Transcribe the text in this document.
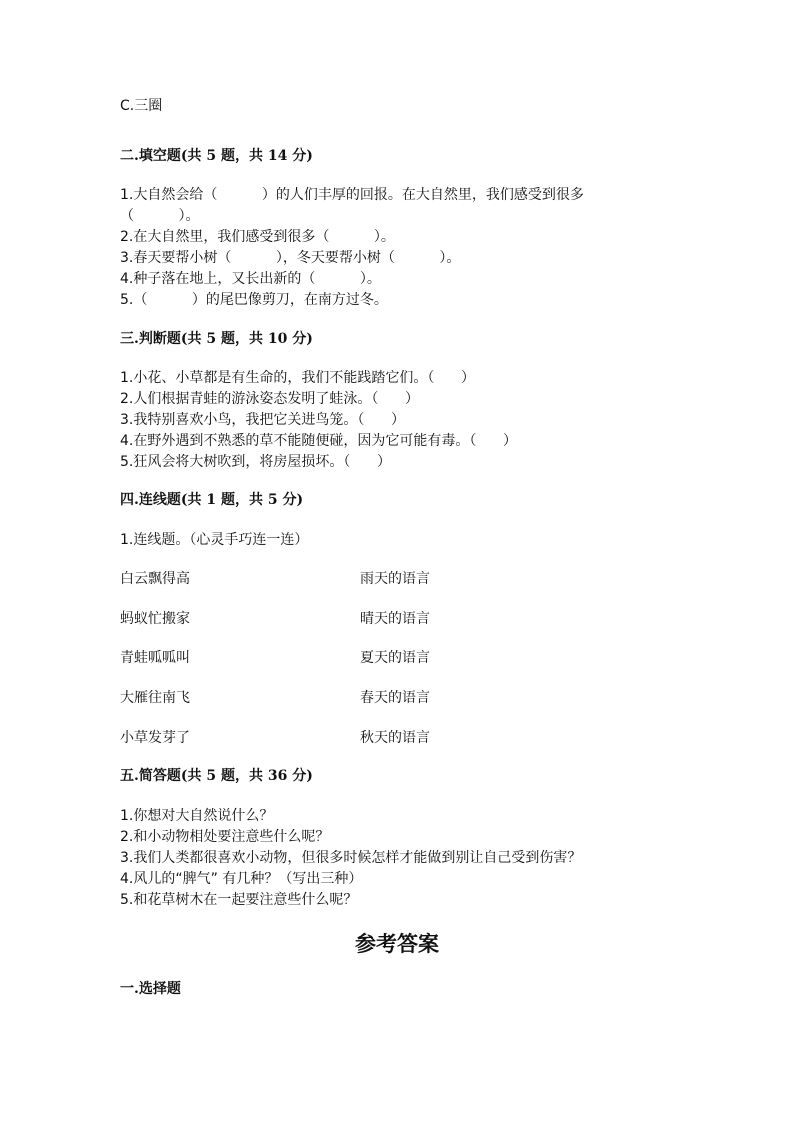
C.三圈
二.填空题(共 5 题，共 14 分)
1.大自然会给（          ）的人们丰厚的回报。在大自然里，我们感受到很多
（          ）。
2.在大自然里，我们感受到很多（          ）。
3.春天要帮小树（          ），冬天要帮小树（          ）。
4.种子落在地上，又长出新的（          ）。
5.（          ）的尾巴像剪刀，在南方过冬。
三.判断题(共 5 题，共 10 分)
1.小花、小草都是有生命的，我们不能践踏它们。（      ）
2.人们根据青蛙的游泳姿态发明了蛙泳。（      ）
3.我特别喜欢小鸟，我把它关进鸟笼。（      ）
4.在野外遇到不熟悉的草不能随便碰，因为它可能有毒。（      ）
5.狂风会将大树吹到，将房屋损坏。（      ）
四.连线题(共 1 题，共 5 分)
1.连线题。（心灵手巧连一连）
白云飘得高	雨天的语言
蚂蚁忙搬家	晴天的语言
青蛙呱呱叫	夏天的语言
大雁往南飞	春天的语言
小草发芽了	秋天的语言
五.简答题(共 5 题，共 36 分)
1.你想对大自然说什么？
2.和小动物相处要注意些什么呢？
3.我们人类都很喜欢小动物，但很多时候怎样才能做到别让自己受到伤害？
4.风儿的“脾气” 有几种？（写出三种）
5.和花草树木在一起要注意些什么呢？
参考答案
一.选择题
